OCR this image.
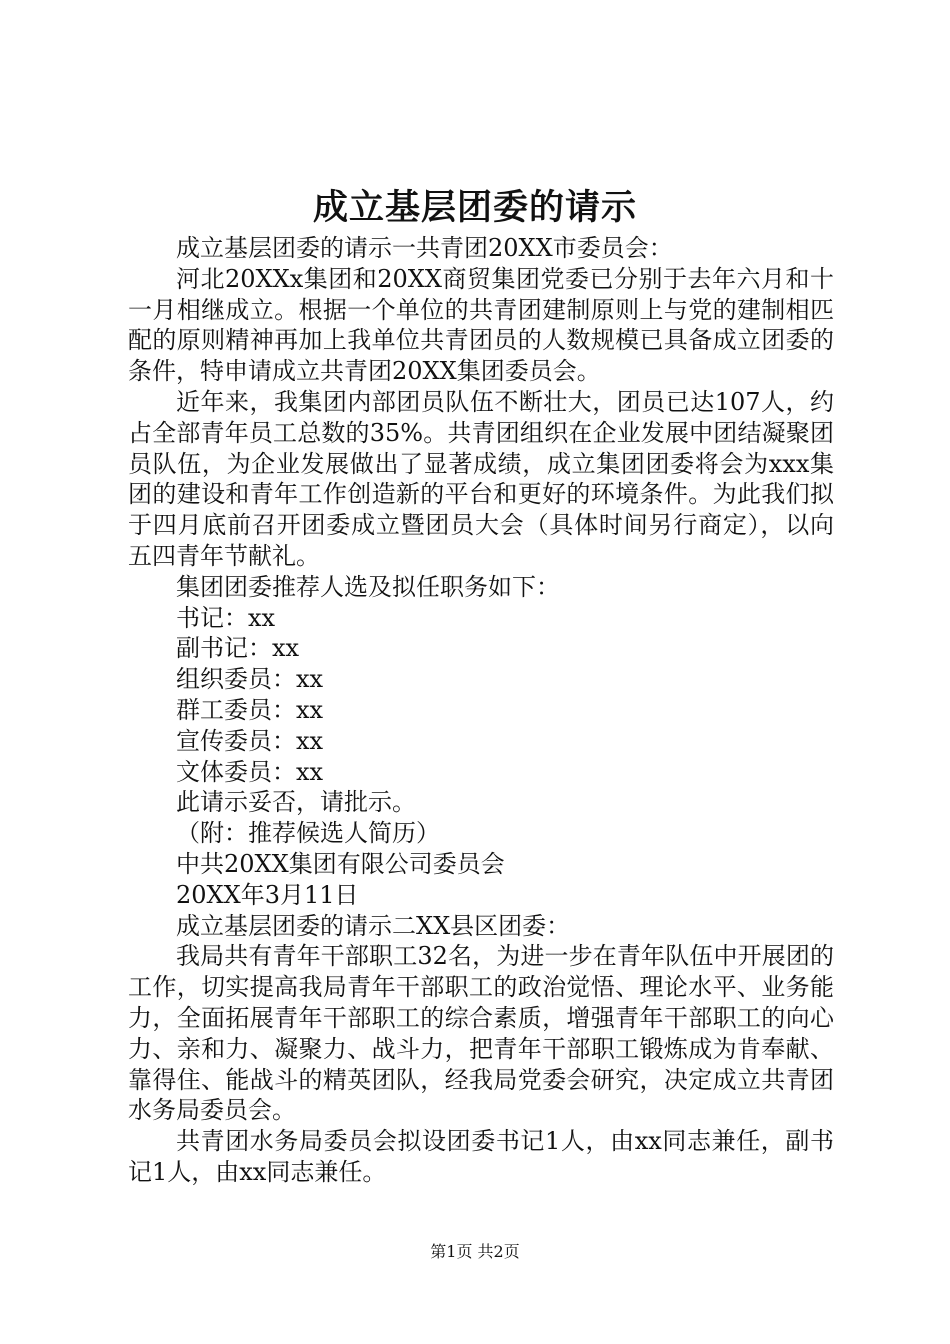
成立基层团委的请示

成立基层团委的请示一共青团20XX市委员会：

河北20XXx集团和20XX商贸集团党委已分别于去年六月和十一月相继成立。根据一个单位的共青团建制原则上与党的建制相匹配的原则精神再加上我单位共青团员的人数规模已具备成立团委的条件，特申请成立共青团20XX集团委员会。

近年来，我集团内部团员队伍不断壮大，团员已达107人，约占全部青年员工总数的35%。共青团组织在企业发展中团结凝聚团员队伍，为企业发展做出了显著成绩，成立集团团委将会为xxx集团的建设和青年工作创造新的平台和更好的环境条件。为此我们拟于四月底前召开团委成立暨团员大会（具体时间另行商定），以向五四青年节献礼。

集团团委推荐人选及拟任职务如下：

书记：xx

副书记：xx

组织委员：xx

群工委员：xx

宣传委员：xx

文体委员：xx

此请示妥否，请批示。

（附：推荐候选人简历）

中共20XX集团有限公司委员会

20XX年3月11日

成立基层团委的请示二XX县区团委：

我局共有青年干部职工32名，为进一步在青年队伍中开展团的工作，切实提高我局青年干部职工的政治觉悟、理论水平、业务能力，全面拓展青年干部职工的综合素质，增强青年干部职工的向心力、亲和力、凝聚力、战斗力，把青年干部职工锻炼成为肯奉献、靠得住、能战斗的精英团队，经我局党委会研究，决定成立共青团水务局委员会。

共青团水务局委员会拟设团委书记1人，由xx同志兼任，副书记1人，由xx同志兼任。

第1页 共2页
